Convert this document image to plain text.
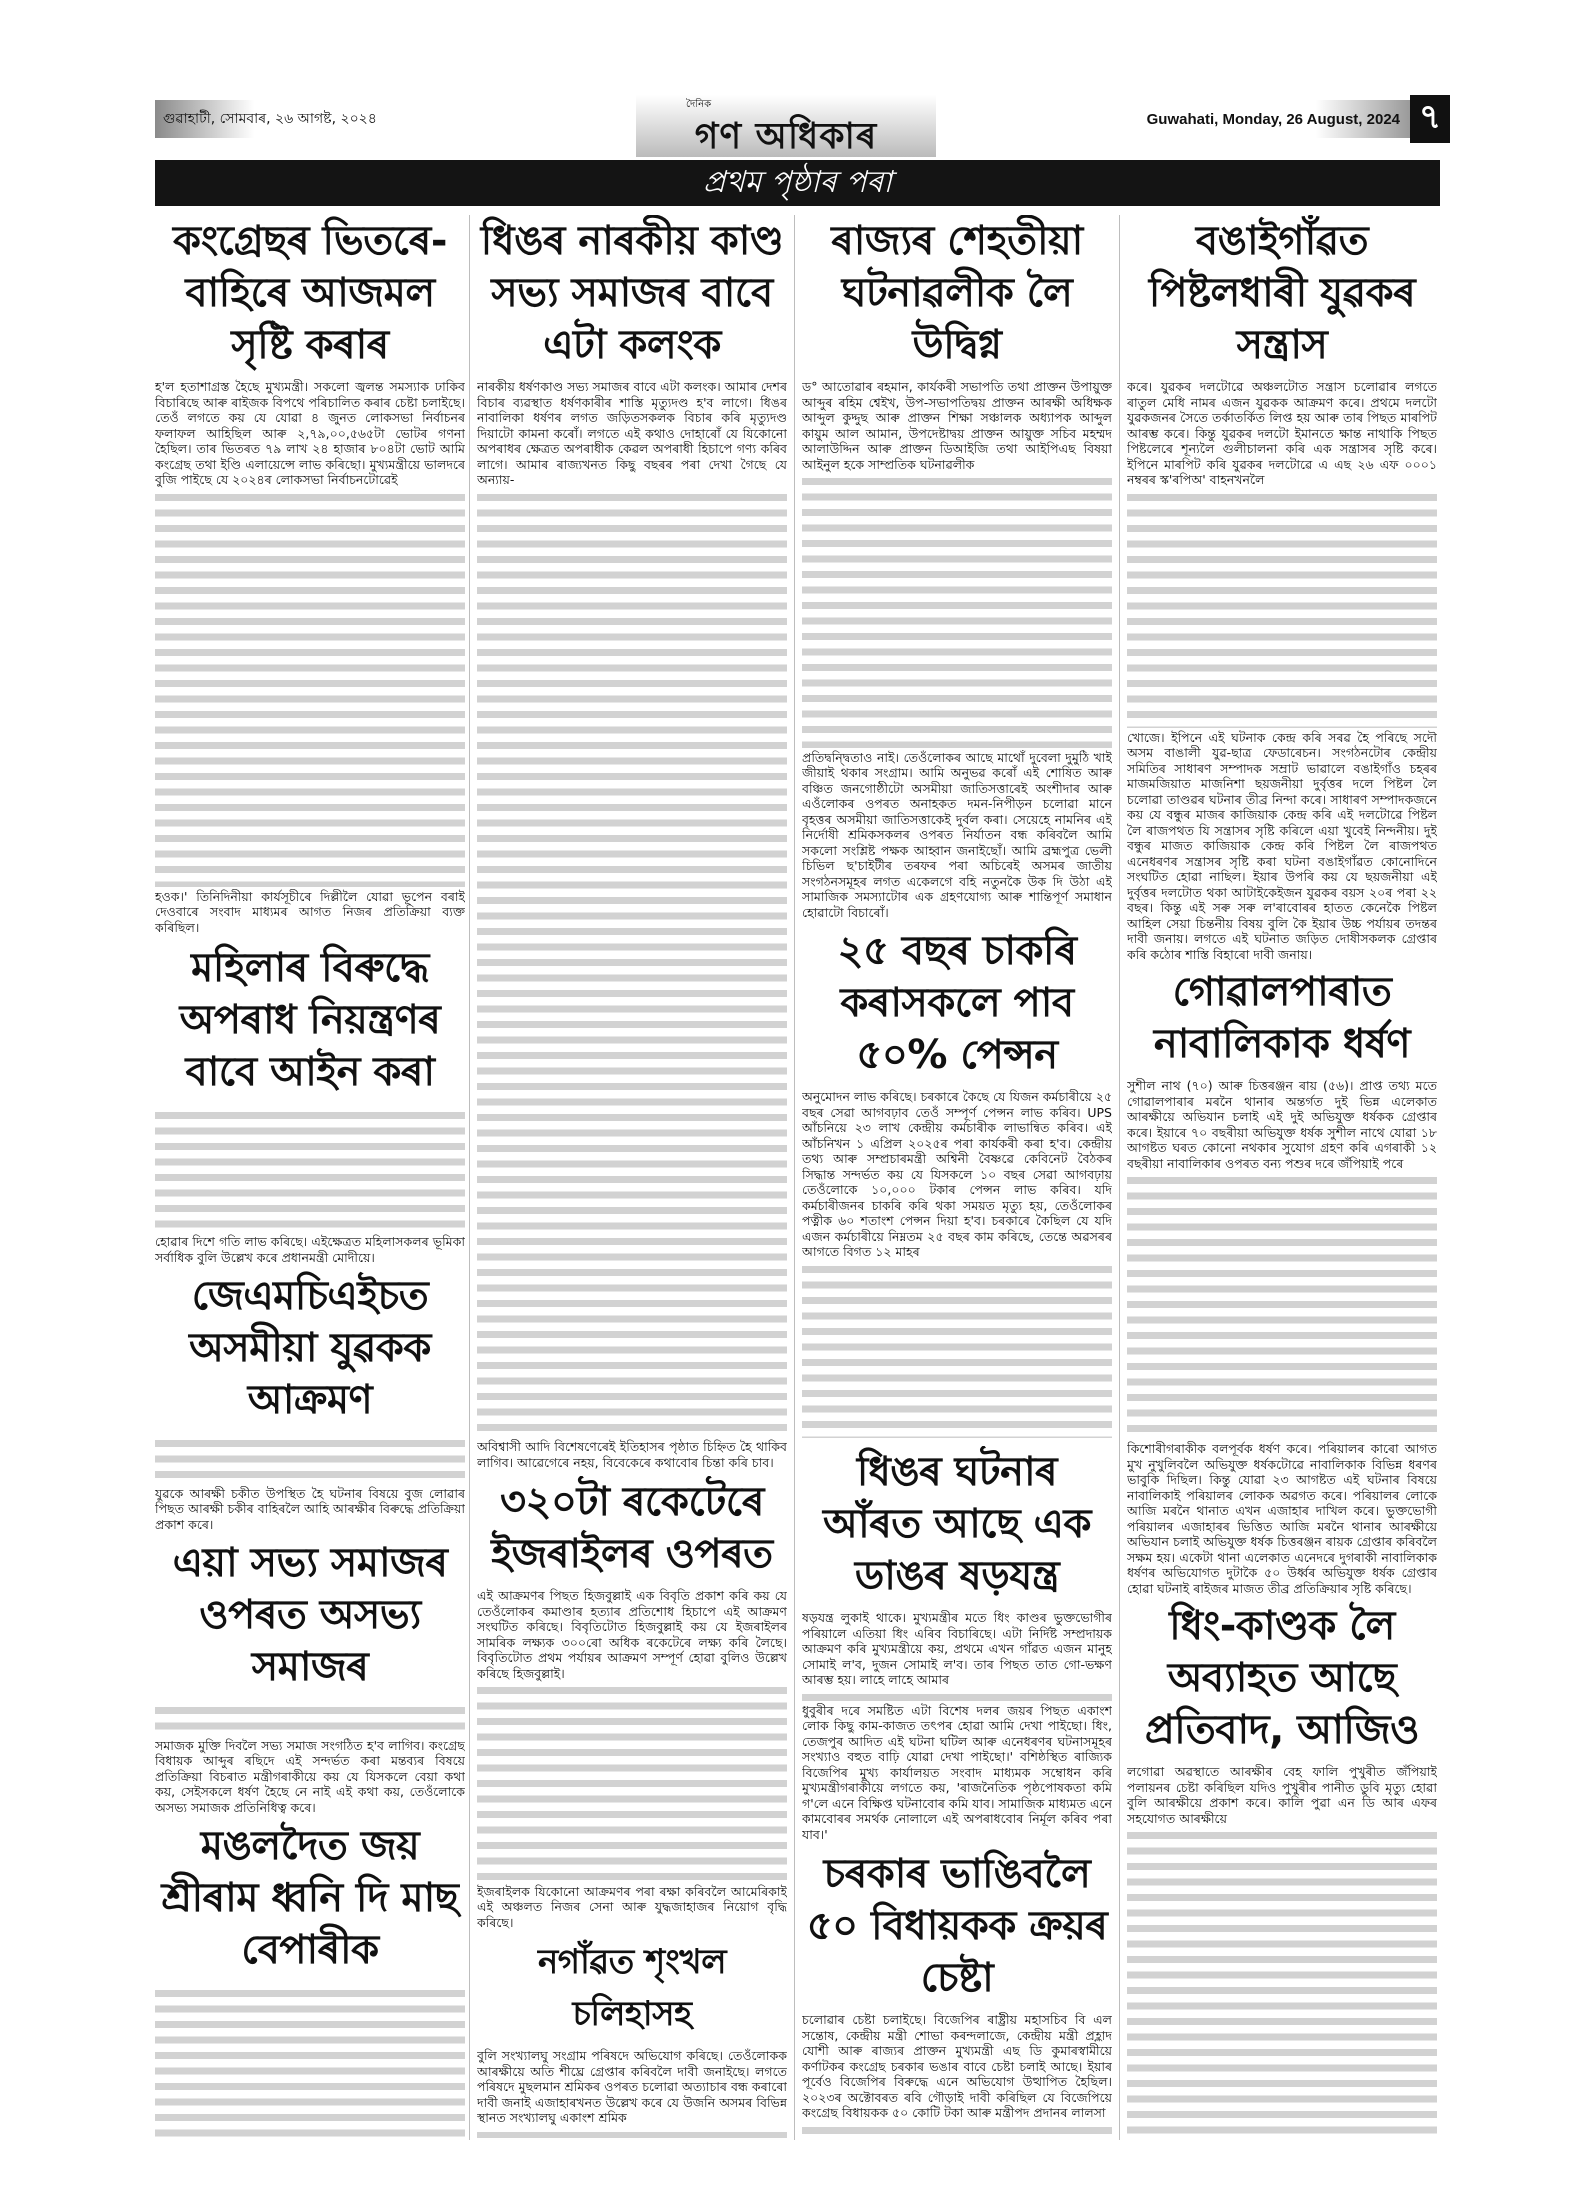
গুৱাহাটী, সোমবাৰ, ২৬ আগষ্ট, ২০২৪
দৈনিক
গণ অধিকাৰ	Guwahati, Monday, 26 August, 2024 ৭
প্ৰথম পৃষ্ঠাৰ পৰা
কংগ্ৰেছৰ ভিতৰে-বাহিৰে আজমল সৃষ্টি কৰাৰ

হ'ল হতাশাগ্ৰস্ত হৈছে মুখ্যমন্ত্ৰী। সকলো জ্বলন্ত সমস্যাক ঢাকিব বিচাৰিছে আৰু ৰাইজক বিপথে পৰিচালিত কৰাৰ চেষ্টা চলাইছে। তেওঁ লগতে কয় যে যোৱা ৪ জুনত লোকসভা নিৰ্বাচনৰ ফলাফল আহিছিল আৰু ২,৭৯,০০,৫৬৫টা ভোটৰ গণনা হৈছিল। তাৰ ভিতৰত ৭৯ লাখ ২৪ হাজাৰ ৮০৪টা ভোট আমি কংগ্ৰেছ তথা ইণ্ডি এলায়েন্সে লাভ কৰিছো। মুখ্যমন্ত্ৰীয়ে ভালদৰে বুজি পাইছে যে ২০২৪ৰ লোকসভা নিৰ্বাচনটোৱেই

হওক।' তিনিদিনীয়া কাৰ্যসূচীৰে দিল্লীলৈ যোৱা ভূপেন বৰাই দেওবাৰে সংবাদ মাধ্যমৰ আগত নিজৰ প্ৰতিক্ৰিয়া ব্যক্ত কৰিছিল।

মহিলাৰ বিৰুদ্ধে অপৰাধ নিয়ন্ত্ৰণৰ বাবে আইন কৰা

হোৱাৰ দিশে গতি লাভ কৰিছে। এইক্ষেত্ৰত মহিলাসকলৰ ভূমিকা সৰ্বাধিক বুলি উল্লেখ কৰে প্ৰধানমন্ত্ৰী মোদীয়ে।

জেএমচিএইচত অসমীয়া যুৱকক আক্ৰমণ

যুৱকে আৰক্ষী চকীত উপস্থিত হৈ ঘটনাৰ বিষয়ে বুজ লোৱাৰ পিছত আৰক্ষী চকীৰ বাহিৰলৈ আহি আৰক্ষীৰ বিৰুদ্ধে প্ৰতিক্ৰিয়া প্ৰকাশ কৰে।

এয়া সভ্য সমাজৰ ওপৰত অসভ্য সমাজৰ

সমাজক মুক্তি দিবলৈ সভ্য সমাজ সংগঠিত হ'ব লাগিব। কংগ্ৰেছ বিধায়ক আব্দুৰ ৰছিদে এই সন্দৰ্ভত কৰা মন্তব্যৰ বিষয়ে প্ৰতিক্ৰিয়া বিচৰাত মন্ত্ৰীগৰাকীয়ে কয় যে যিসকলে বেয়া কথা কয়, সেইসকলে ধৰ্ষণ হৈছে নে নাই এই কথা কয়, তেওঁলোকে অসভ্য সমাজক প্ৰতিনিধিত্ব কৰে।

মঙলদৈত জয় শ্ৰীৰাম ধ্বনি দি মাছ বেপাৰীক
ধিঙৰ নাৰকীয় কাণ্ড সভ্য সমাজৰ বাবে এটা কলংক

নাৰকীয় ধৰ্ষণকাণ্ড সভ্য সমাজৰ বাবে এটা কলংক। আমাৰ দেশৰ বিচাৰ ব্যৱস্থাত ধৰ্ষণকাৰীৰ শাস্তি মৃত্যুদণ্ড হ'ব লাগে। ধিঙৰ নাবালিকা ধৰ্ষণৰ লগত জড়িতসকলক বিচাৰ কৰি মৃত্যুদণ্ড দিয়াটো কামনা কৰোঁ। লগতে এই কথাও দোহাৰোঁ যে যিকোনো অপৰাধৰ ক্ষেত্ৰত অপৰাধীক কেৱল অপৰাধী হিচাপে গণ্য কৰিব লাগে। আমাৰ ৰাজ্যখনত কিছু বছৰৰ পৰা দেখা গৈছে যে অন্যায়-

অবিশ্বাসী আদি বিশেষণেৰেই ইতিহাসৰ পৃষ্ঠাত চিহ্নিত হৈ থাকিব লাগিব। আৱেগেৰে নহয়, বিবেকেৰে কথাবোৰ চিন্তা কৰি চাব।

৩২০টা ৰকেটেৰে ইজৰাইলৰ ওপৰত

এই আক্ৰমণৰ পিছত হিজবুল্লাই এক বিবৃতি প্ৰকাশ কৰি কয় যে তেওঁলোকৰ কমাণ্ডাৰ হত্যাৰ প্ৰতিশোধ হিচাপে এই আক্ৰমণ সংঘটিত কৰিছে। বিবৃতিটোত হিজবুল্লাই কয় যে ইজৰাইলৰ সামৰিক লক্ষ্যক ৩০০ৰো অধিক ৰকেটেৰে লক্ষ্য কৰি লৈছে। বিবৃতিটোত প্ৰথম পৰ্যায়ৰ আক্ৰমণ সম্পূৰ্ণ হোৱা বুলিও উল্লেখ কৰিছে হিজবুল্লাই।

ইজৰাইলক যিকোনো আক্ৰমণৰ পৰা ৰক্ষা কৰিবলৈ আমেৰিকাই এই অঞ্চলত নিজৰ সেনা আৰু যুদ্ধজাহাজৰ নিয়োগ বৃদ্ধি কৰিছে।

নগাঁৱত শৃংখল চলিহাসহ

বুলি সংখ্যালঘু সংগ্ৰাম পৰিষদে অভিযোগ কৰিছে। তেওঁলোকক আৰক্ষীয়ে অতি শীঘ্ৰে গ্ৰেপ্তাৰ কৰিবলৈ দাবী জনাইছে। লগতে পৰিষদে মুছলমান শ্ৰমিকৰ ওপৰত চলোৱা অত্যাচাৰ বন্ধ কৰাৰো দাবী জনাই এজাহাৰখনত উল্লেখ কৰে যে উজনি অসমৰ বিভিন্ন স্থানত সংখ্যালঘু একাংশ শ্ৰমিক

ৰাজ্যৰ শেহতীয়া ঘটনাৱলীক লৈ উদ্বিগ্ন

ড° আতোৱাৰ ৰহমান, কাৰ্যকৰী সভাপতি তথা প্ৰাক্তন উপায়ুক্ত আব্দুৰ ৰহিম শ্বেইখ, উপ-সভাপতিদ্বয় প্ৰাক্তন আৰক্ষী অধিক্ষক আব্দুল কুদ্দুছ আৰু প্ৰাক্তন শিক্ষা সঞ্চালক অধ্যাপক আব্দুল কায়ুম আল আমান, উপদেষ্টাদ্বয় প্ৰাক্তন আয়ুক্ত সচিব মহম্মদ আলাউদ্দিন আৰু প্ৰাক্তন ডিআইজি তথা আইপিএছ বিষয়া আইনুল হকে সাম্প্ৰতিক ঘটনাৱলীক

প্ৰতিদ্বন্দ্বিতাও নাই। তেওঁলোকৰ আছে মাথোঁ দুবেলা দুমুঠি খাই জীয়াই থকাৰ সংগ্ৰাম। আমি অনুভৱ কৰোঁ এই শোষিত আৰু বঞ্চিত জনগোষ্ঠীটো অসমীয়া জাতিসত্তাৰেই অংশীদাৰ আৰু এওঁলোকৰ ওপৰত অনাহকত দমন-নিপীড়ন চলোৱা মানে বৃহত্তৰ অসমীয়া জাতিসত্তাকেই দুৰ্বল কৰা। সেয়েহে নামনিৰ এই নিৰ্দোষী শ্ৰমিকসকলৰ ওপৰত নিৰ্যাতন বন্ধ কৰিবলৈ আমি সকলো সংশ্লিষ্ট পক্ষক আহ্বান জনাইছোঁ। আমি ব্ৰহ্মপুত্ৰ ভেলী চিভিল ছ'চাইটীৰ তৰফৰ পৰা অচিৰেই অসমৰ জাতীয় সংগঠনসমূহৰ লগত একেলগে বহি নতুনকৈ উক দি উঠা এই সামাজিক সমস্যাটোৰ এক গ্ৰহণযোগ্য আৰু শান্তিপূৰ্ণ সমাধান হোৱাটো বিচাৰোঁ।

২৫ বছৰ চাকৰি কৰাসকলে পাব ৫০% পেন্সন

অনুমোদন লাভ কৰিছে। চৰকাৰে কৈছে যে যিজন কৰ্মচাৰীয়ে ২৫ বছৰ সেৱা আগবঢ়াব তেওঁ সম্পূৰ্ণ পেন্সন লাভ কৰিব। UPS আঁচনিয়ে ২৩ লাখ কেন্দ্ৰীয় কৰ্মচাৰীক লাভান্বিত কৰিব। এই আঁচনিখন ১ এপ্ৰিল ২০২৫ৰ পৰা কাৰ্যকৰী কৰা হ'ব। কেন্দ্ৰীয় তথ্য আৰু সম্প্ৰচাৰমন্ত্ৰী অশ্বিনী বৈষ্ণৱে কেবিনেট বৈঠকৰ সিদ্ধান্ত সন্দৰ্ভত কয় যে যিসকলে ১০ বছৰ সেৱা আগবঢ়ায় তেওঁলোকে ১০,০০০ টকাৰ পেন্সন লাভ কৰিব। যদি কৰ্মচাৰীজনৰ চাকৰি কৰি থকা সময়ত মৃত্যু হয়, তেওঁলোকৰ পত্নীক ৬০ শতাংশ পেন্সন দিয়া হ'ব। চৰকাৰে কৈছিল যে যদি এজন কৰ্মচাৰীয়ে নিম্নতম ২৫ বছৰ কাম কৰিছে, তেন্তে অৱসৰৰ আগতে বিগত ১২ মাহৰ

ধিঙৰ ঘটনাৰ আঁৰত আছে এক ডাঙৰ ষড়যন্ত্ৰ

ষড়যন্ত্ৰ লুকাই থাকে। মুখ্যমন্ত্ৰীৰ মতে ধিং কাণ্ডৰ ভুক্তভোগীৰ পৰিয়ালে এতিয়া ধিং এৰিব বিচাৰিছে। এটা নিৰ্দিষ্ট সম্প্ৰদায়ক আক্ৰমণ কৰি মুখ্যমন্ত্ৰীয়ে কয়, প্ৰথমে এখন গাঁৱত এজন মানুহ সোমাই ল'ব, দুজন সোমাই ল'ব। তাৰ পিছত তাত গো-ভক্ষণ আৰম্ভ হয়। লাহে লাহে আমাৰ

ধুবুৰীৰ দৰে সমষ্টিত এটা বিশেষ দলৰ জয়ৰ পিছত একাংশ লোক কিছু কাম-কাজত তৎপৰ হোৱা আমি দেখা পাইছো। ধিং, তেজপুৰ আদিত এই ঘটনা ঘটিল আৰু এনেধৰণৰ ঘটনাসমূহৰ সংখ্যাও বহুত বাঢ়ি যোৱা দেখা পাইছো।' বশিষ্ঠস্থিত ৰাজ্যিক বিজেপিৰ মুখ্য কাৰ্যালয়ত সংবাদ মাধ্যমক সম্বোধন কৰি মুখ্যমন্ত্ৰীগৰাকীয়ে লগতে কয়, 'ৰাজনৈতিক পৃষ্ঠপোষকতা কমি গ'লে এনে বিক্ষিপ্ত ঘটনাবোৰ কমি যাব। সামাজিক মাধ্যমত এনে কামবোৰৰ সমৰ্থক নোলালে এই অপৰাধবোৰ নিৰ্মূল কৰিব পৰা যাব।'

চৰকাৰ ভাঙিবলৈ ৫০ বিধায়কক ক্ৰয়ৰ চেষ্টা

চলোৱাৰ চেষ্টা চলাইছে। বিজেপিৰ ৰাষ্ট্ৰীয় মহাসচিব বি এল সন্তোষ, কেন্দ্ৰীয় মন্ত্ৰী শোভা কৰন্দলাজে, কেন্দ্ৰীয় মন্ত্ৰী প্ৰহ্লাদ যোশী আৰু ৰাজ্যৰ প্ৰাক্তন মুখ্যমন্ত্ৰী এছ ডি কুমাৰস্বামীয়ে কৰ্ণাটকৰ কংগ্ৰেছ চৰকাৰ ভঙাৰ বাবে চেষ্টা চলাই আছে। ইয়াৰ পূৰ্বেও বিজেপিৰ বিৰুদ্ধে এনে অভিযোগ উত্থাপিত হৈছিল। ২০২৩ৰ অক্টোবৰত ৰবি গৌড়াই দাবী কৰিছিল যে বিজেপিয়ে কংগ্ৰেছ বিধায়কক ৫০ কোটি টকা আৰু মন্ত্ৰীপদ প্ৰদানৰ লালসা

বঙাইগাঁৱত পিষ্টলধাৰী যুৱকৰ সন্ত্ৰাস

কৰে। যুৱকৰ দলটোৱে অঞ্চলটোত সন্ত্ৰাস চলোৱাৰ লগতে ৰাতুল মেধি নামৰ এজন যুৱকক আক্ৰমণ কৰে। প্ৰথমে দলটো যুৱকজনৰ সৈতে তৰ্কাতৰ্কিত লিপ্ত হয় আৰু তাৰ পিছত মাৰপিট আৰম্ভ কৰে। কিন্তু যুৱকৰ দলটো ইমানতে ক্ষান্ত নাথাকি পিছত পিষ্টলেৰে শূন্যলৈ গুলীচালনা কৰি এক সন্ত্ৰাসৰ সৃষ্টি কৰে। ইপিনে মাৰপিট কৰি যুৱকৰ দলটোৱে এ এছ ২৬ এফ ০০০১ নম্বৰৰ স্ক'ৰপিঅ' বাহনখনলৈ

খোজে। ইপিনে এই ঘটনাক কেন্দ্ৰ কৰি সৰৱ হৈ পৰিছে সদৌ অসম বাঙালী যুৱ-ছাত্ৰ ফেডাৰেচন। সংগঠনটোৰ কেন্দ্ৰীয় সমিতিৰ সাধাৰণ সম্পাদক সম্ৰাট ভাৱালে বঙাইগাঁও চহৰৰ মাজমজিয়াত মাজনিশা ছয়জনীয়া দুৰ্বৃত্তৰ দলে পিষ্টল লৈ চলোৱা তাণ্ডৱৰ ঘটনাৰ তীব্ৰ নিন্দা কৰে। সাধাৰণ সম্পাদকজনে কয় যে বন্ধুৰ মাজৰ কাজিয়াক কেন্দ্ৰ কৰি এই দলটোৱে পিষ্টল লৈ ৰাজপথত যি সন্ত্ৰাসৰ সৃষ্টি কৰিলে এয়া খুবেই নিন্দনীয়। দুই বন্ধুৰ মাজত কাজিয়াক কেন্দ্ৰ কৰি পিষ্টল লৈ ৰাজপথত এনেধৰণৰ সন্ত্ৰাসৰ সৃষ্টি কৰা ঘটনা বঙাইগাঁৱত কোনোদিনে সংঘটিত হোৱা নাছিল। ইয়াৰ উপৰি কয় যে ছয়জনীয়া এই দুৰ্বৃত্তৰ দলটোত থকা আটাইকেইজন যুৱকৰ বয়স ২০ৰ পৰা ২২ বছৰ। কিন্তু এই সৰু সৰু ল'ৰাবোৰৰ হাতত কেনেকৈ পিষ্টল আহিল সেয়া চিন্তনীয় বিষয় বুলি কৈ ইয়াৰ উচ্চ পৰ্যায়ৰ তদন্তৰ দাবী জনায়। লগতে এই ঘটনাত জড়িত দোষীসকলক গ্ৰেপ্তাৰ কৰি কঠোৰ শাস্তি বিহাৰো দাবী জনায়।

গোৱালপাৰাত নাবালিকাক ধৰ্ষণ

সুশীল নাথ (৭০) আৰু চিত্তৰঞ্জন ৰায় (৫৬)। প্ৰাপ্ত তথ্য মতে গোৱালপাৰাৰ মৰনৈ থানাৰ অন্তৰ্গত দুই ভিন্ন এলেকাত আৰক্ষীয়ে অভিযান চলাই এই দুই অভিযুক্ত ধৰ্ষকক গ্ৰেপ্তাৰ কৰে। ইয়াৰে ৭০ বছৰীয়া অভিযুক্ত ধৰ্ষক সুশীল নাথে যোৱা ১৮ আগষ্টত ঘৰত কোনো নথকাৰ সুযোগ গ্ৰহণ কৰি এগৰাকী ১২ বছৰীয়া নাবালিকাৰ ওপৰত বন্য পশুৰ দৰে জঁপিয়াই পৰে

কিশোৰীগৰাকীক বলপূৰ্বক ধৰ্ষণ কৰে। পৰিয়ালৰ কাৰো আগত মুখ নুখুলিবলৈ অভিযুক্ত ধৰ্ষকটোৱে নাবালিকাক বিভিন্ন ধৰণৰ ভাবুকি দিছিল। কিন্তু যোৱা ২৩ আগষ্টত এই ঘটনাৰ বিষয়ে নাবালিকাই পৰিয়ালৰ লোকক অৱগত কৰে। পৰিয়ালৰ লোকে আজি মৰনৈ থানাত এখন এজাহাৰ দাখিল কৰে। ভুক্তভোগী পৰিয়ালৰ এজাহাৰৰ ভিত্তিত আজি মৰনৈ থানাৰ আৰক্ষীয়ে অভিযান চলাই অভিযুক্ত ধৰ্ষক চিত্তৰঞ্জন ৰায়ক গ্ৰেপ্তাৰ কৰিবলৈ সক্ষম হয়। একেটা থানা এলেকাত এনেদৰে দুগৰাকী নাবালিকাক ধৰ্ষণৰ অভিযোগত দুটাকৈ ৫০ উৰ্ধ্বৰ অভিযুক্ত ধৰ্ষক গ্ৰেপ্তাৰ হোৱা ঘটনাই ৰাইজৰ মাজত তীব্ৰ প্ৰতিক্ৰিয়াৰ সৃষ্টি কৰিছে।

ধিং-কাণ্ডক লৈ অব্যাহত আছে প্ৰতিবাদ, আজিও

লগোৱা অৱস্থাতে আৰক্ষীৰ বেহ ফালি পুখুৰীত জঁপিয়াই পলায়নৰ চেষ্টা কৰিছিল যদিও পুখুৰীৰ পানীত ডুবি মৃত্যু হোৱা বুলি আৰক্ষীয়ে প্ৰকাশ কৰে। কালি পুৱা এন ডি আৰ এফৰ সহযোগত আৰক্ষীয়ে
